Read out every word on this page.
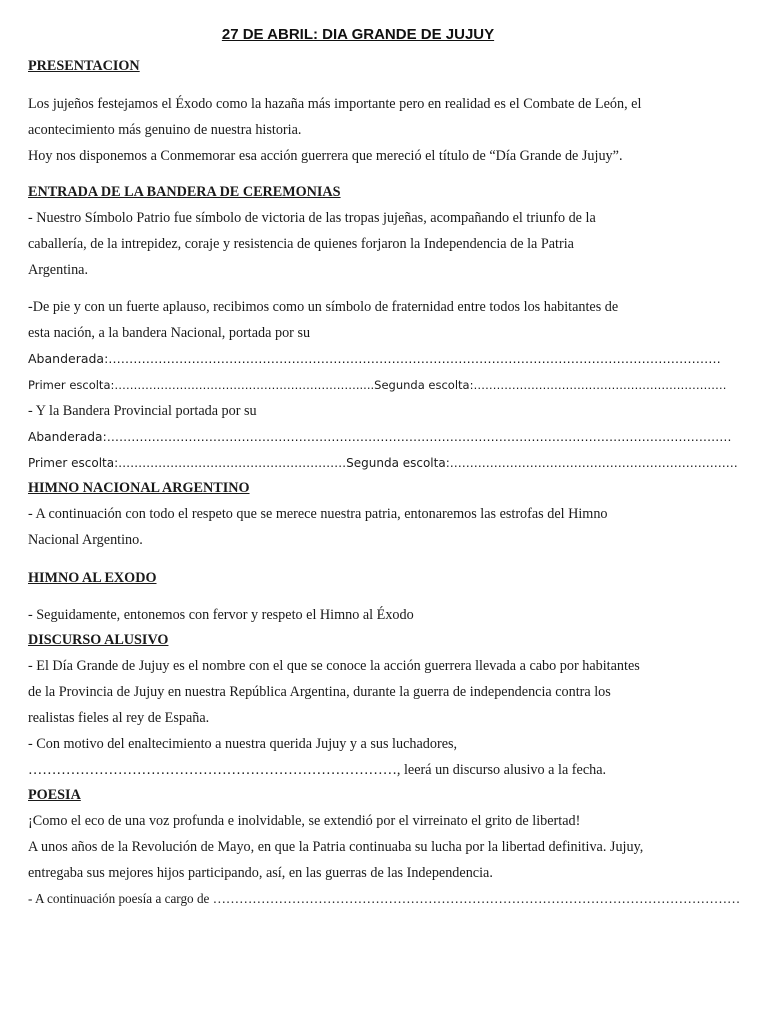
27 DE ABRIL: DIA GRANDE DE JUJUY
PRESENTACION
Los jujeños festejamos el Éxodo como la hazaña más importante pero en realidad es el Combate de León, el
acontecimiento más genuino de nuestra historia.
Hoy nos disponemos a Conmemorar esa acción guerrera que mereció el título de “Día Grande de Jujuy”.
ENTRADA DE LA BANDERA DE CEREMONIAS
- Nuestro Símbolo Patrio fue símbolo de victoria de las tropas jujeñas, acompañando el triunfo de la
caballería, de la intrepidez, coraje y resistencia de quienes forjaron la Independencia de la Patria
Argentina.
-De pie y con un fuerte aplauso, recibimos como un símbolo de fraternidad entre todos los habitantes de
esta nación, a la bandera Nacional, portada por su
Abanderada:…………………………………………………………………………………………………………………………………
Primer escolta:……………………………………………………….....Segunda escolta:…………………………………………………………
- Y la Bandera Provincial portada por su
Abanderada:………………………………………………………………………………………………………………………………………
Primer escolta:…………………………………………………Segunda escolta:………………………………………………………………
HIMNO NACIONAL ARGENTINO
- A continuación con todo el respeto que se merece nuestra patria, entonaremos las estrofas del Himno
Nacional Argentino.
HIMNO AL EXODO
- Seguidamente, entonemos con fervor y respeto el Himno al Éxodo
DISCURSO ALUSIVO
- El Día Grande de Jujuy es el nombre con el que se conoce la acción guerrera llevada a cabo por habitantes
de la Provincia de Jujuy en nuestra República Argentina, durante la guerra de independencia contra los
realistas fieles al rey de España.
- Con motivo del enaltecimiento a nuestra querida Jujuy y a sus luchadores,
……………………………………………………………………, leerá un discurso alusivo a la fecha.
POESIA
¡Como el eco de una voz profunda e inolvidable, se extendió por el virreinato el grito de libertad!
A unos años de la Revolución de Mayo, en que la Patria continuaba su lucha por la libertad definitiva. Jujuy,
entregaba sus mejores hijos participando, así, en las guerras de las Independencia.
- A continuación poesía a cargo de …………………………………………………………………………………………………………
